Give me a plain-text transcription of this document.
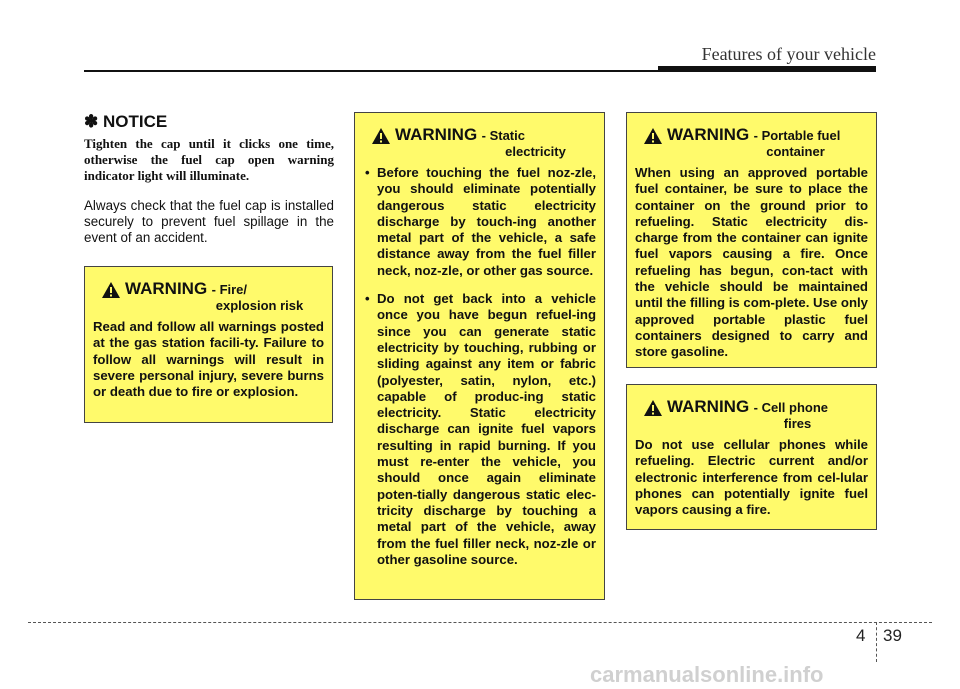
Features of your vehicle

✽ NOTICE

Tighten the cap until it clicks one time, otherwise the fuel cap open warning indicator light will illuminate.

Always check that the fuel cap is installed securely to prevent fuel spillage in the event of an accident.

WARNING - Fire/
explosion risk

Read and follow all warnings posted at the gas station facili-ty. Failure to follow all warnings will result in severe personal injury, severe burns or death due to fire or explosion.

WARNING - Static
electricity
• Before touching the fuel noz-zle, you should eliminate potentially dangerous static electricity discharge by touch-ing another metal part of the vehicle, a safe distance away from the fuel filler neck, noz-zle, or other gas source.
• Do not get back into a vehicle once you have begun refuel-ing since you can generate static electricity by touching, rubbing or sliding against any item or fabric (polyester, satin, nylon, etc.) capable of produc-ing static electricity. Static electricity discharge can ignite fuel vapors resulting in rapid burning. If you must re-enter the vehicle, you should once again eliminate poten-tially dangerous static elec-tricity discharge by touching a metal part of the vehicle, away from the fuel filler neck, noz-zle or other gasoline source.
WARNING - Portable fuel
container

When using an approved portable fuel container, be sure to place the container on the ground prior to refueling. Static electricity dis-charge from the container can ignite fuel vapors causing a fire. Once refueling has begun, con-tact with the vehicle should be maintained until the filling is com-plete. Use only approved portable plastic fuel containers designed to carry and store gasoline.

WARNING - Cell phone
fires

Do not use cellular phones while refueling. Electric current and/or electronic interference from cel-lular phones can potentially ignite fuel vapors causing a fire.

4 39
carmanualsonline.info
